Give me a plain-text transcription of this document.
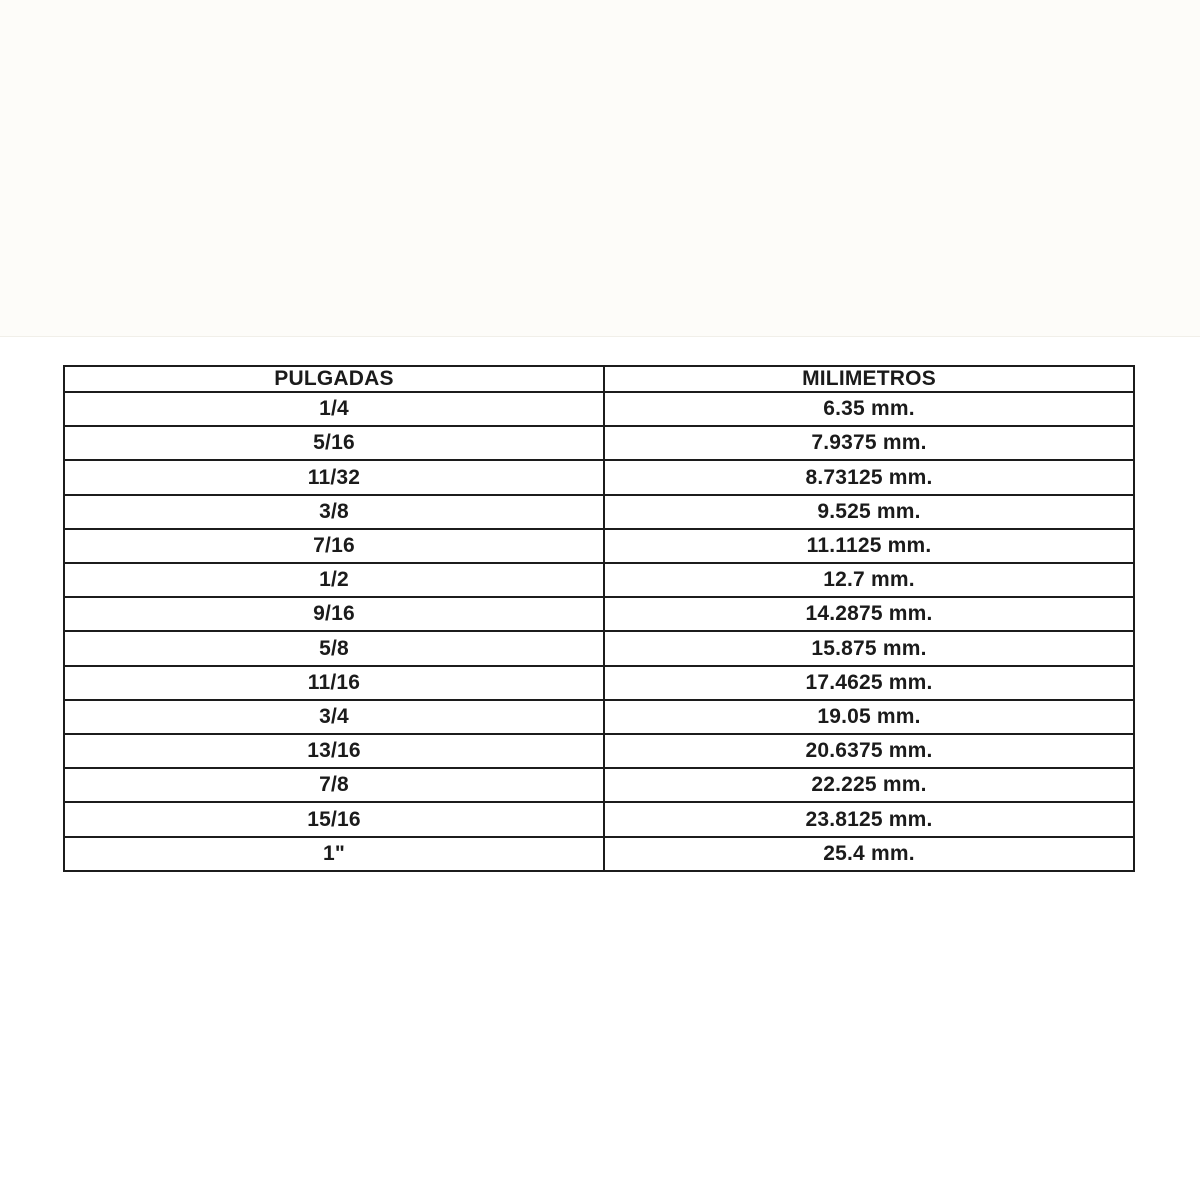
PULGADAS	MILIMETROS
1/4	6.35 mm.
5/16	7.9375 mm.
11/32	8.73125 mm.
3/8	9.525 mm.
7/16	11.1125 mm.
1/2	12.7 mm.
9/16	14.2875 mm.
5/8	15.875 mm.
11/16	17.4625 mm.
3/4	19.05 mm.
13/16	20.6375 mm.
7/8	22.225 mm.
15/16	23.8125 mm.
1"	25.4 mm.
